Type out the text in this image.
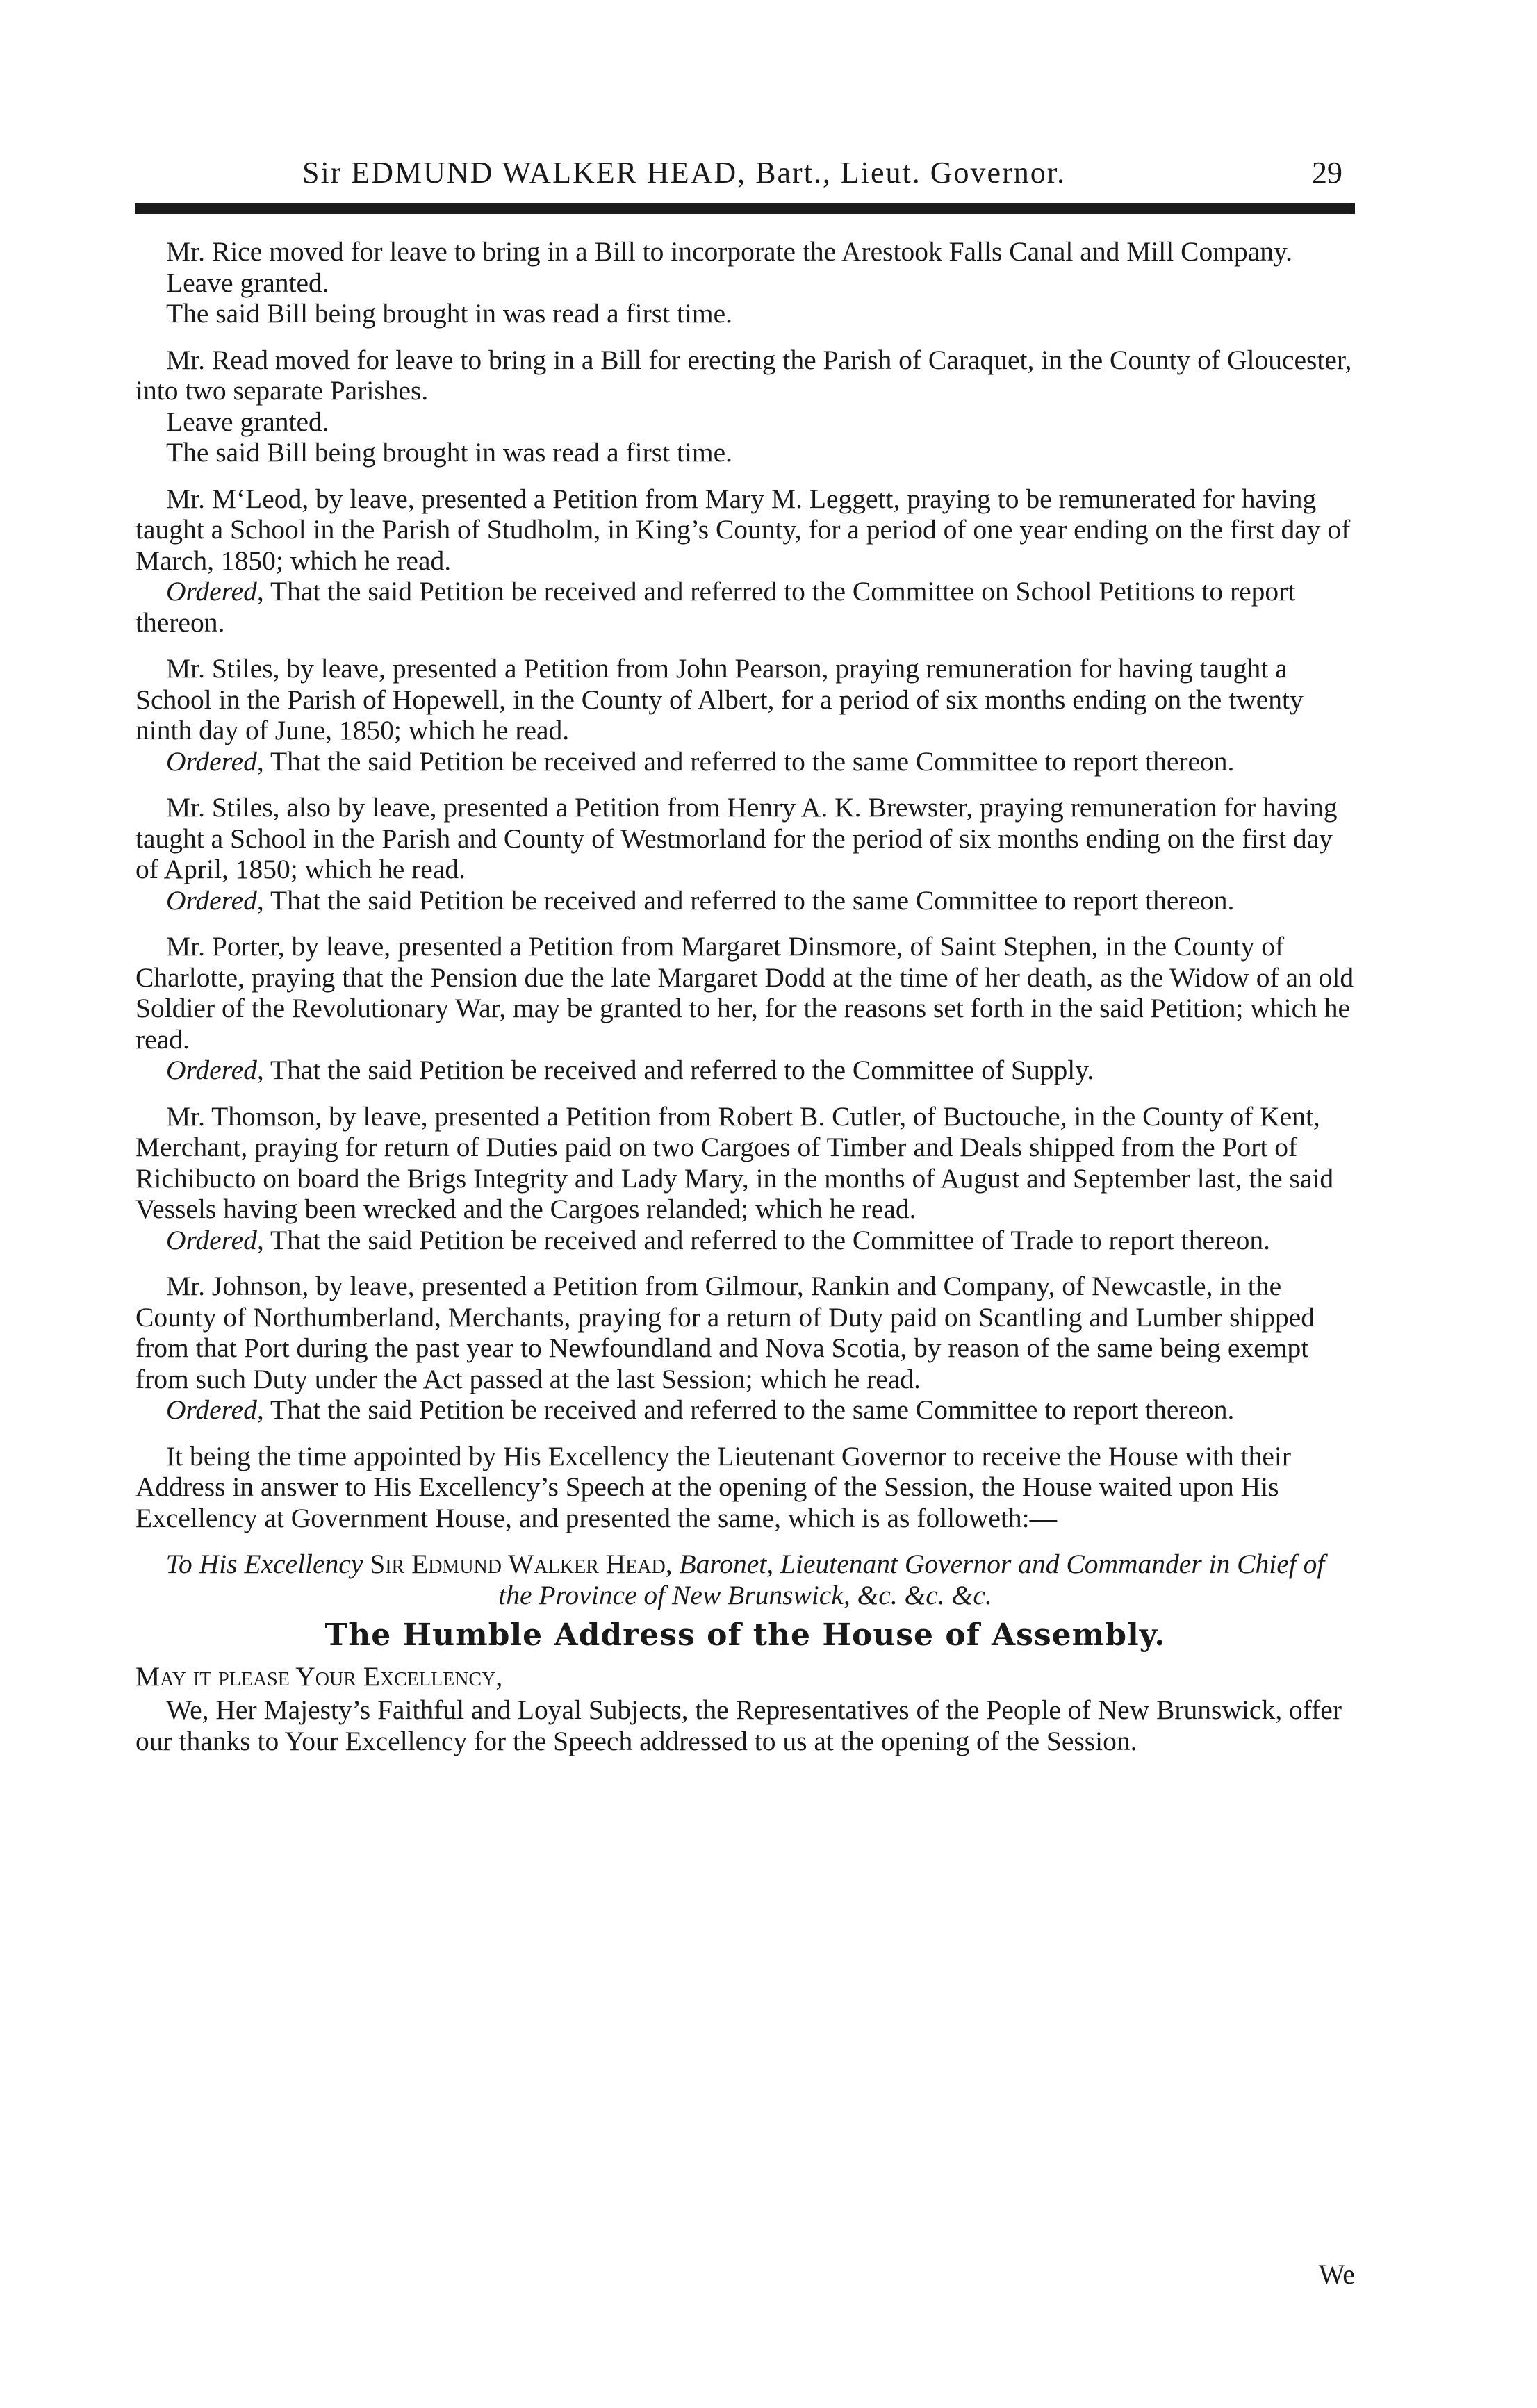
Sir EDMUND WALKER HEAD, Bart., Lieut. Governor.	29
Mr. Rice moved for leave to bring in a Bill to incorporate the Arestook Falls Canal and Mill Company.
Leave granted.
The said Bill being brought in was read a first time.
Mr. Read moved for leave to bring in a Bill for erecting the Parish of Caraquet, in the County of Gloucester, into two separate Parishes.
Leave granted.
The said Bill being brought in was read a first time.
Mr. M‘Leod, by leave, presented a Petition from Mary M. Leggett, praying to be remunerated for having taught a School in the Parish of Studholm, in King’s County, for a period of one year ending on the first day of March, 1850; which he read.
Ordered, That the said Petition be received and referred to the Committee on School Petitions to report thereon.
Mr. Stiles, by leave, presented a Petition from John Pearson, praying remuneration for having taught a School in the Parish of Hopewell, in the County of Albert, for a period of six months ending on the twenty ninth day of June, 1850; which he read.
Ordered, That the said Petition be received and referred to the same Committee to report thereon.
Mr. Stiles, also by leave, presented a Petition from Henry A. K. Brewster, praying remuneration for having taught a School in the Parish and County of Westmorland for the period of six months ending on the first day of April, 1850; which he read.
Ordered, That the said Petition be received and referred to the same Committee to report thereon.
Mr. Porter, by leave, presented a Petition from Margaret Dinsmore, of Saint Stephen, in the County of Charlotte, praying that the Pension due the late Margaret Dodd at the time of her death, as the Widow of an old Soldier of the Revolutionary War, may be granted to her, for the reasons set forth in the said Petition; which he read.
Ordered, That the said Petition be received and referred to the Committee of Supply.
Mr. Thomson, by leave, presented a Petition from Robert B. Cutler, of Buctouche, in the County of Kent, Merchant, praying for return of Duties paid on two Cargoes of Timber and Deals shipped from the Port of Richibucto on board the Brigs Integrity and Lady Mary, in the months of August and September last, the said Vessels having been wrecked and the Cargoes relanded; which he read.
Ordered, That the said Petition be received and referred to the Committee of Trade to report thereon.
Mr. Johnson, by leave, presented a Petition from Gilmour, Rankin and Company, of Newcastle, in the County of Northumberland, Merchants, praying for a return of Duty paid on Scantling and Lumber shipped from that Port during the past year to Newfoundland and Nova Scotia, by reason of the same being exempt from such Duty under the Act passed at the last Session; which he read.
Ordered, That the said Petition be received and referred to the same Committee to report thereon.
It being the time appointed by His Excellency the Lieutenant Governor to receive the House with their Address in answer to His Excellency’s Speech at the opening of the Session, the House waited upon His Excellency at Government House, and presented the same, which is as followeth:—
To His Excellency Sir Edmund Walker Head, Baronet, Lieutenant Governor and Commander in Chief of the Province of New Brunswick, &c. &c. &c.
The Humble Address of the House of Assembly.
May it please Your Excellency,
We, Her Majesty’s Faithful and Loyal Subjects, the Representatives of the People of New Brunswick, offer our thanks to Your Excellency for the Speech addressed to us at the opening of the Session.
We
